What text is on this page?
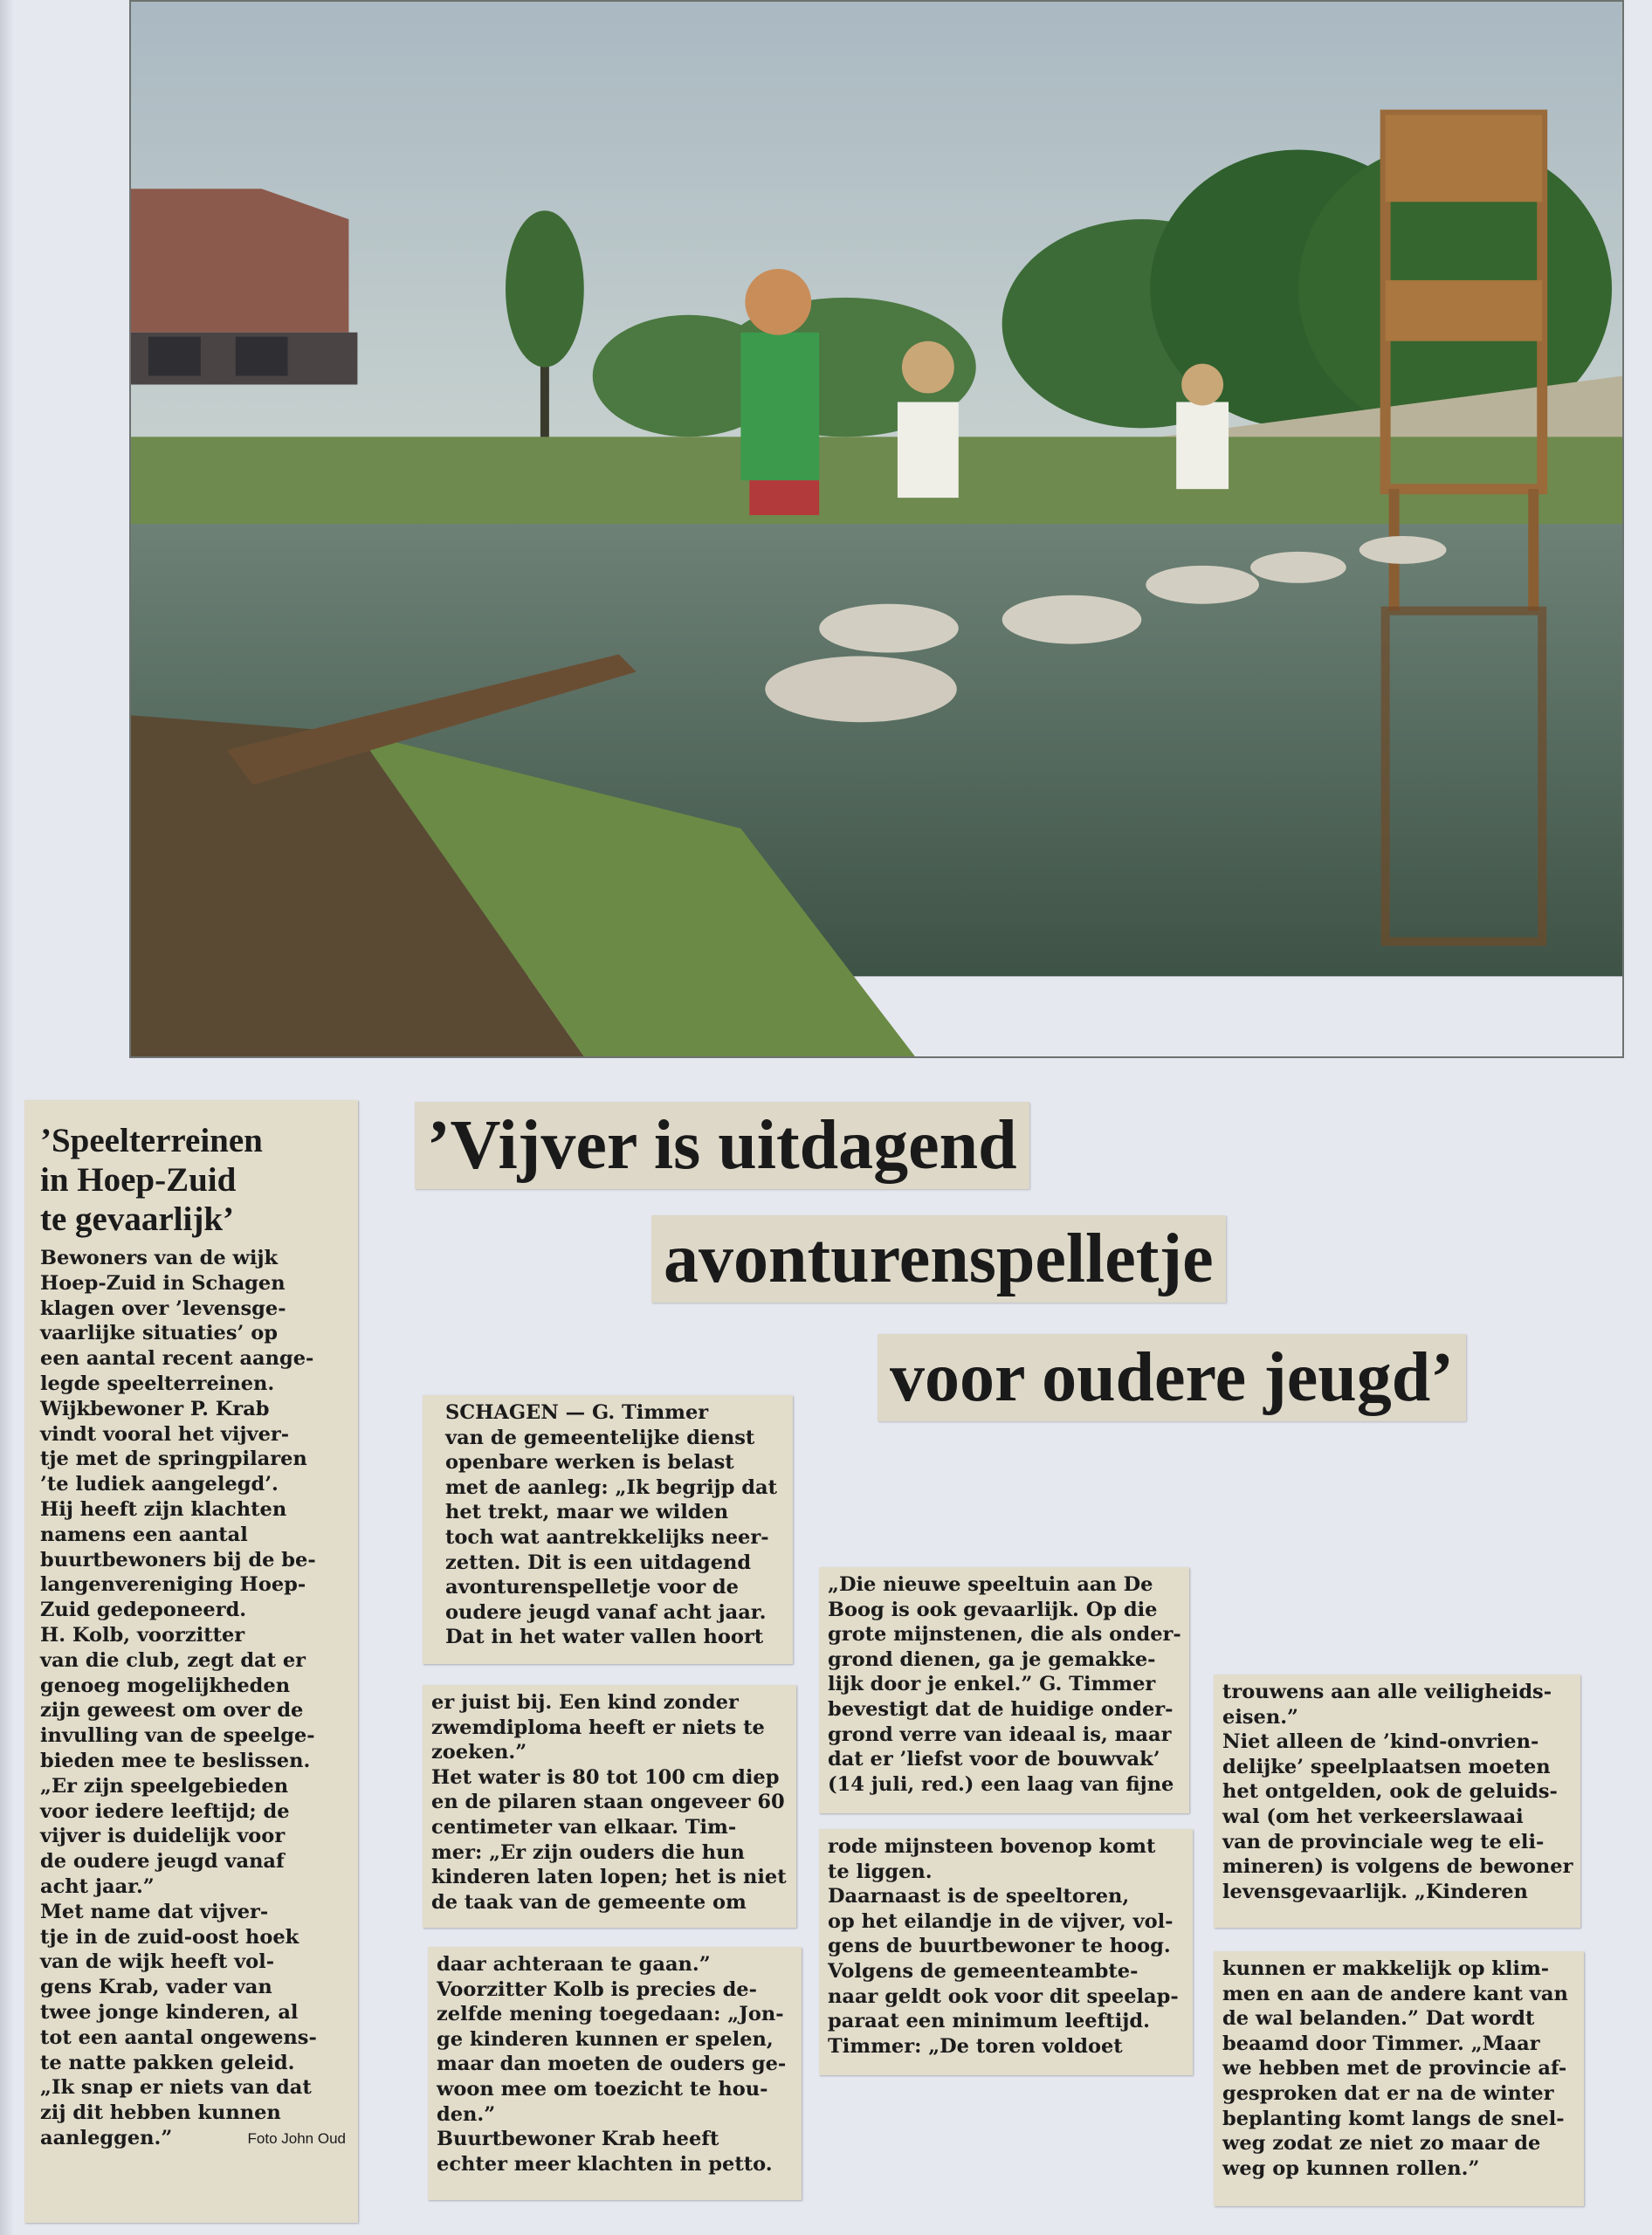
’Vijver is uitdagend
avonturenspelletje
voor oudere jeugd’

’Speelterreinen
in Hoep-Zuid
te gevaarlijk’

Bewoners van de wijk
Hoep-Zuid in Schagen
klagen over ’levensge-
vaarlijke situaties’ op
een aantal recent aange-
legde speelterreinen.
Wijkbewoner P. Krab
vindt vooral het vijver-
tje met de springpilaren
’te ludiek aangelegd’.
Hij heeft zijn klachten
namens een aantal
buurtbewoners bij de be-
langenvereniging Hoep-
Zuid gedeponeerd.
H. Kolb, voorzitter
van die club, zegt dat er
genoeg mogelijkheden
zijn geweest om over de
invulling van de speelge-
bieden mee te beslissen.
„Er zijn speelgebieden
voor iedere leeftijd; de
vijver is duidelijk voor
de oudere jeugd vanaf
acht jaar.”
Met name dat vijver-
tje in de zuid-oost hoek
van de wijk heeft vol-
gens Krab, vader van
twee jonge kinderen, al
tot een aantal ongewens-
te natte pakken geleid.
„Ik snap er niets van dat
zij dit hebben kunnen
aanleggen.”	Foto John Oud

SCHAGEN — G. Timmer
van de gemeentelijke dienst
openbare werken is belast
met de aanleg: „Ik begrijp dat
het trekt, maar we wilden
toch wat aantrekkelijks neer-
zetten. Dit is een uitdagend
avonturenspelletje voor de
oudere jeugd vanaf acht jaar.
Dat in het water vallen hoort

er juist bij. Een kind zonder
zwemdiploma heeft er niets te
zoeken.”
Het water is 80 tot 100 cm diep
en de pilaren staan ongeveer 60
centimeter van elkaar. Tim-
mer: „Er zijn ouders die hun
kinderen laten lopen; het is niet
de taak van de gemeente om

daar achteraan te gaan.”
Voorzitter Kolb is precies de-
zelfde mening toegedaan: „Jon-
ge kinderen kunnen er spelen,
maar dan moeten de ouders ge-
woon mee om toezicht te hou-
den.”
Buurtbewoner Krab heeft
echter meer klachten in petto.

„Die nieuwe speeltuin aan De
Boog is ook gevaarlijk. Op die
grote mijnstenen, die als onder-
grond dienen, ga je gemakke-
lijk door je enkel.” G. Timmer
bevestigt dat de huidige onder-
grond verre van ideaal is, maar
dat er ’liefst voor de bouwvak’
(14 juli, red.) een laag van fijne

rode mijnsteen bovenop komt
te liggen.
Daarnaast is de speeltoren,
op het eilandje in de vijver, vol-
gens de buurtbewoner te hoog.
Volgens de gemeenteambte-
naar geldt ook voor dit speelap-
paraat een minimum leeftijd.
Timmer: „De toren voldoet

trouwens aan alle veiligheids-
eisen.”
Niet alleen de ’kind-onvrien-
delijke’ speelplaatsen moeten
het ontgelden, ook de geluids-
wal (om het verkeerslawaai
van de provinciale weg te eli-
mineren) is volgens de bewoner
levensgevaarlijk. „Kinderen

kunnen er makkelijk op klim-
men en aan de andere kant van
de wal belanden.” Dat wordt
beaamd door Timmer. „Maar
we hebben met de provincie af-
gesproken dat er na de winter
beplanting komt langs de snel-
weg zodat ze niet zo maar de
weg op kunnen rollen.”
